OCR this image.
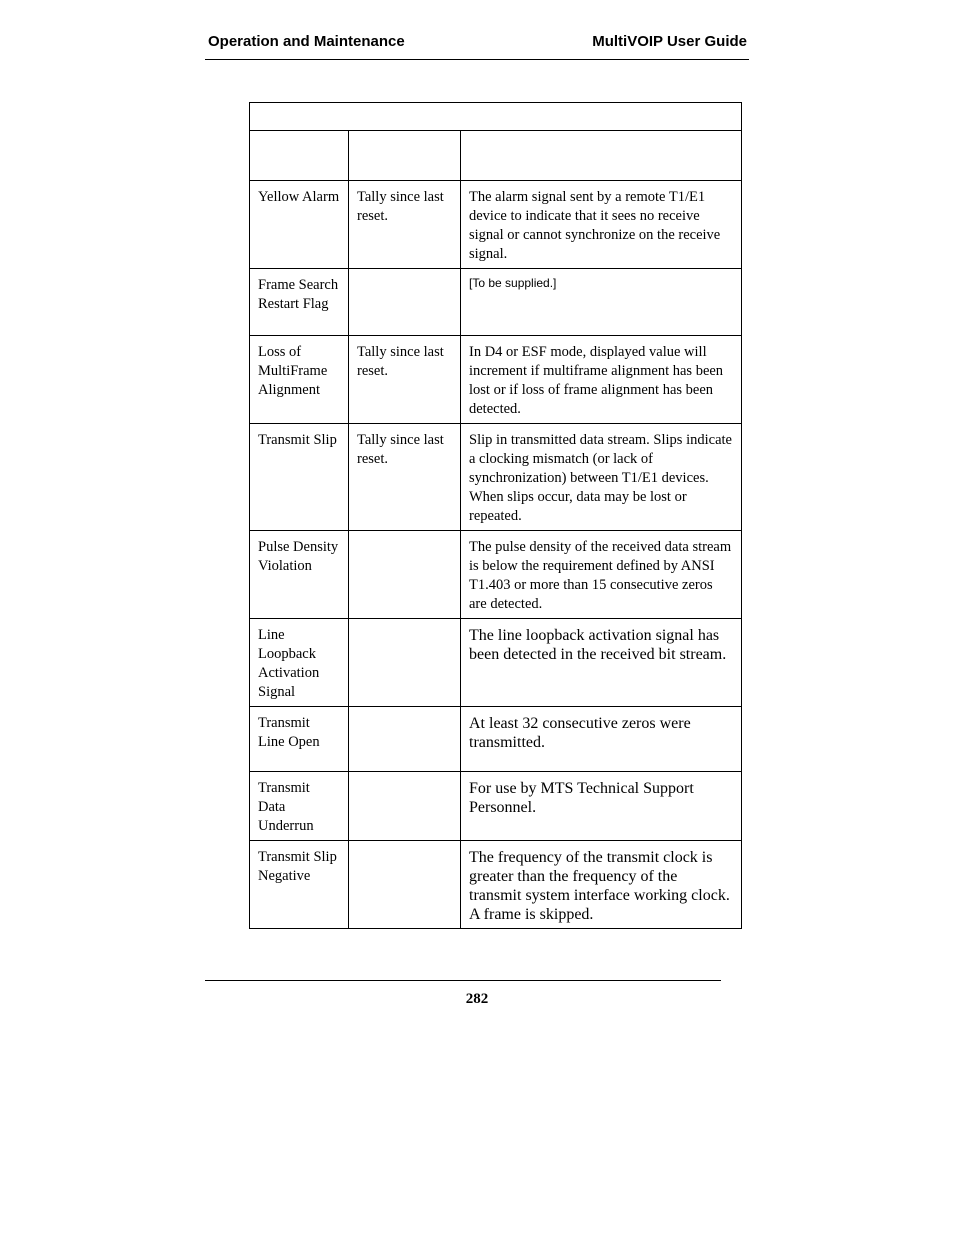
Operation and Maintenance	MultiVOIP User Guide

Yellow Alarm	Tally since last reset.	The alarm signal sent by a remote T1/E1 device to indicate that it sees no receive signal or cannot synchronize on the receive signal.
Frame Search Restart Flag		[To be supplied.]
Loss of MultiFrame Alignment	Tally since last reset.	In D4 or ESF mode, displayed value will increment if multiframe alignment has been lost or if loss of frame alignment has been detected.
Transmit Slip	Tally since last reset.	Slip in transmitted data stream. Slips indicate a clocking mismatch (or lack of synchronization) between T1/E1 devices. When slips occur, data may be lost or repeated.
Pulse Density Violation		The pulse density of the received data stream is below the requirement defined by ANSI T1.403 or more than 15 consecutive zeros are detected.
Line Loopback Activation Signal		The line loopback activation signal has been detected in the received bit stream.
Transmit Line Open		At least 32 consecutive zeros were transmitted.
Transmit Data Underrun		For use by MTS Technical Support Personnel.
Transmit Slip Negative		The frequency of the transmit clock is greater than the frequency of the transmit system interface working clock. A frame is skipped.
282
